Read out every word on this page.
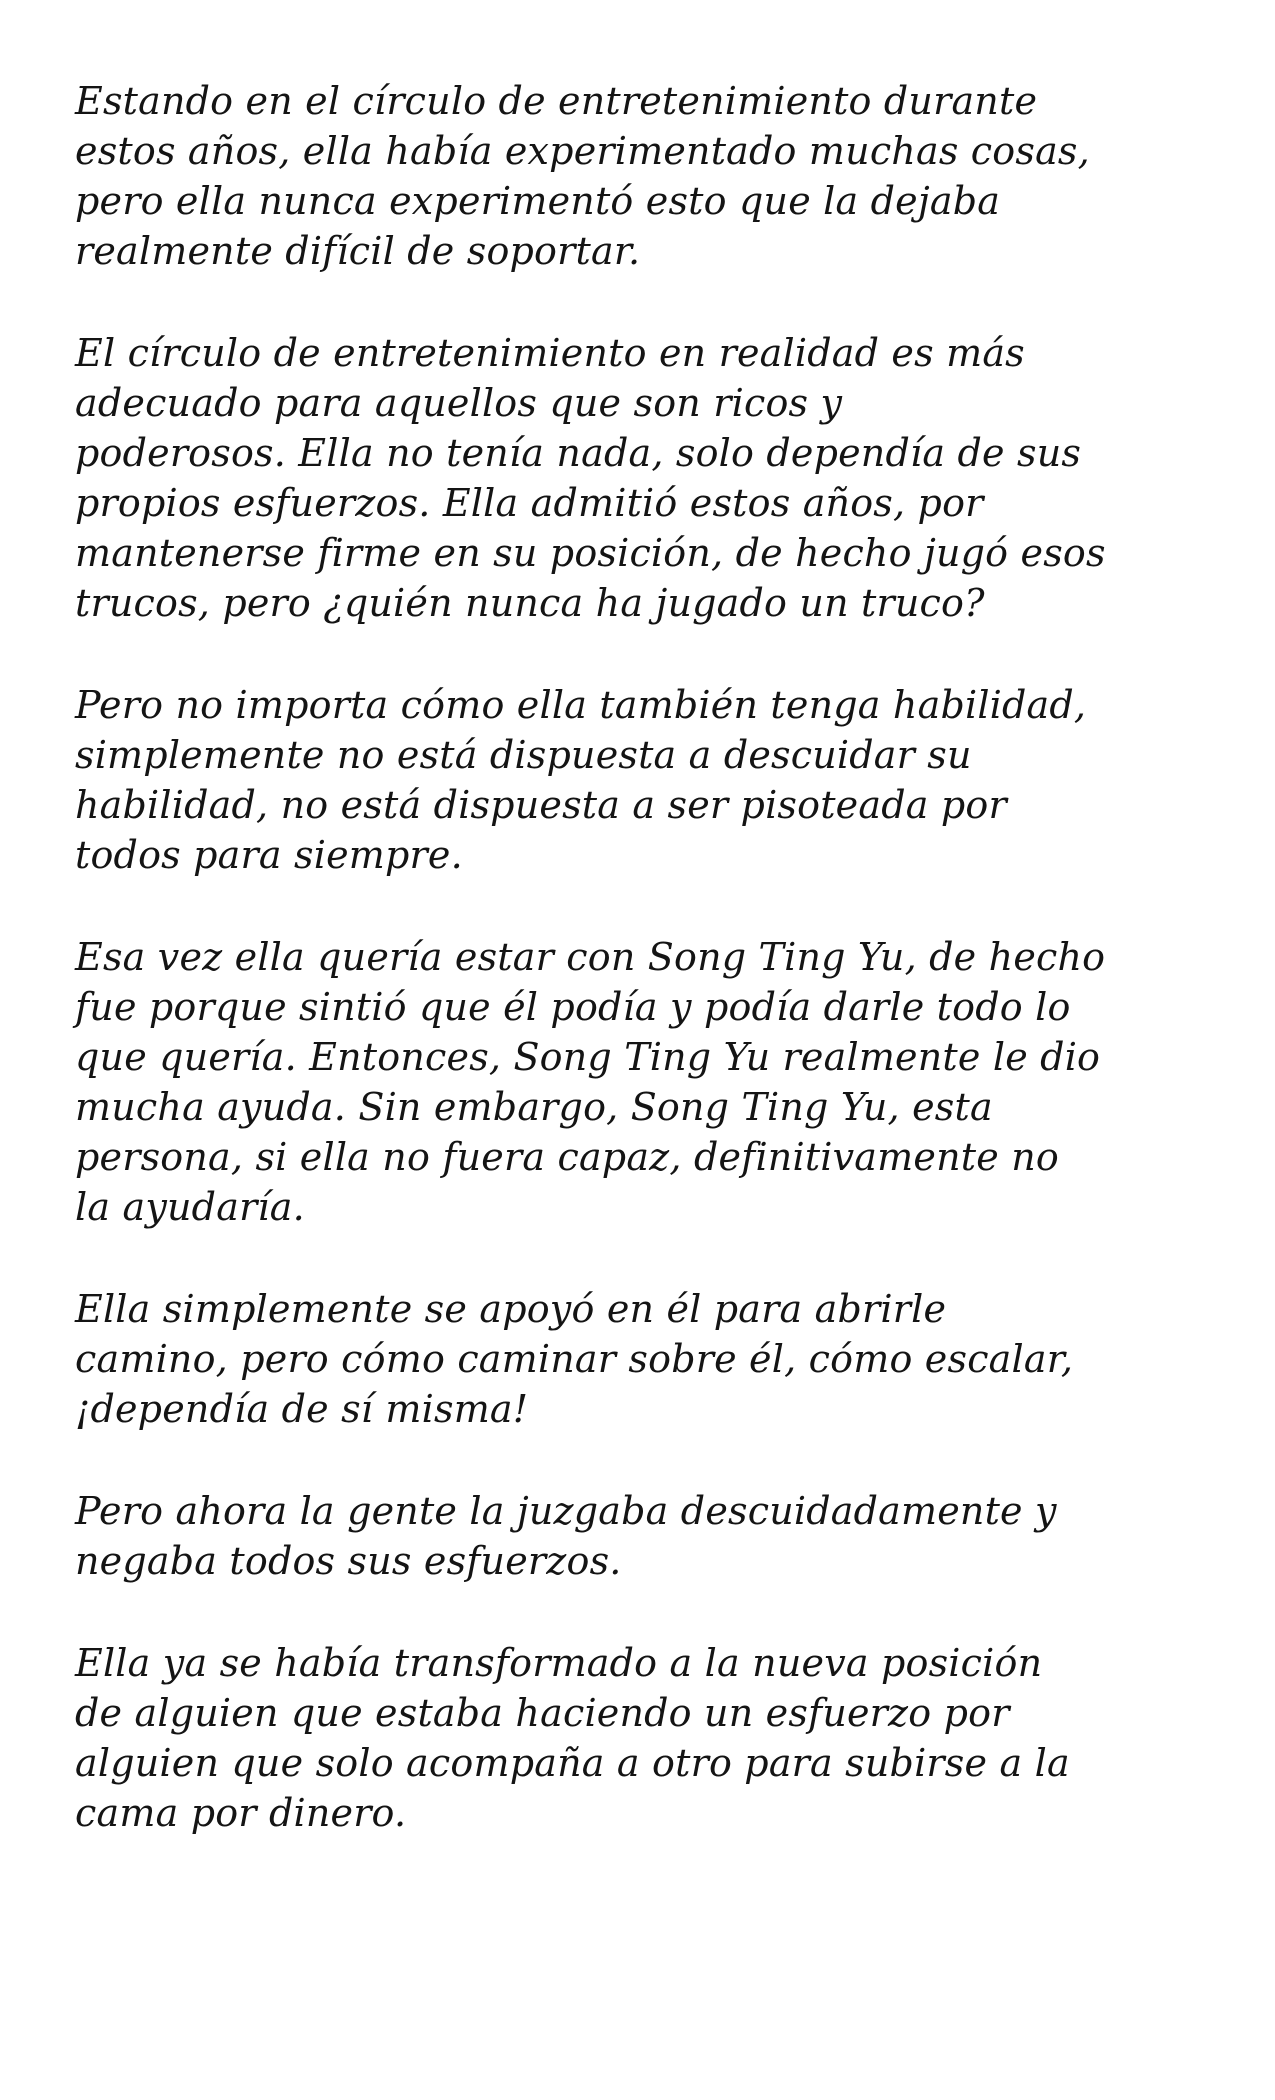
Estando en el círculo de entretenimiento durante
estos años, ella había experimentado muchas cosas,
pero ella nunca experimentó esto que la dejaba
realmente difícil de soportar.

El círculo de entretenimiento en realidad es más
adecuado para aquellos que son ricos y
poderosos. Ella no tenía nada, solo dependía de sus
propios esfuerzos. Ella admitió estos años, por
mantenerse firme en su posición, de hecho jugó esos
trucos, pero ¿quién nunca ha jugado un truco?

Pero no importa cómo ella también tenga habilidad,
simplemente no está dispuesta a descuidar su
habilidad, no está dispuesta a ser pisoteada por
todos para siempre.

Esa vez ella quería estar con Song Ting Yu, de hecho
fue porque sintió que él podía y podía darle todo lo
que quería. Entonces, Song Ting Yu realmente le dio
mucha ayuda. Sin embargo, Song Ting Yu, esta
persona, si ella no fuera capaz, definitivamente no
la ayudaría.

Ella simplemente se apoyó en él para abrirle
camino, pero cómo caminar sobre él, cómo escalar,
¡dependía de sí misma!

Pero ahora la gente la juzgaba descuidadamente y
negaba todos sus esfuerzos.

Ella ya se había transformado a la nueva posición
de alguien que estaba haciendo un esfuerzo por
alguien que solo acompaña a otro para subirse a la
cama por dinero.
